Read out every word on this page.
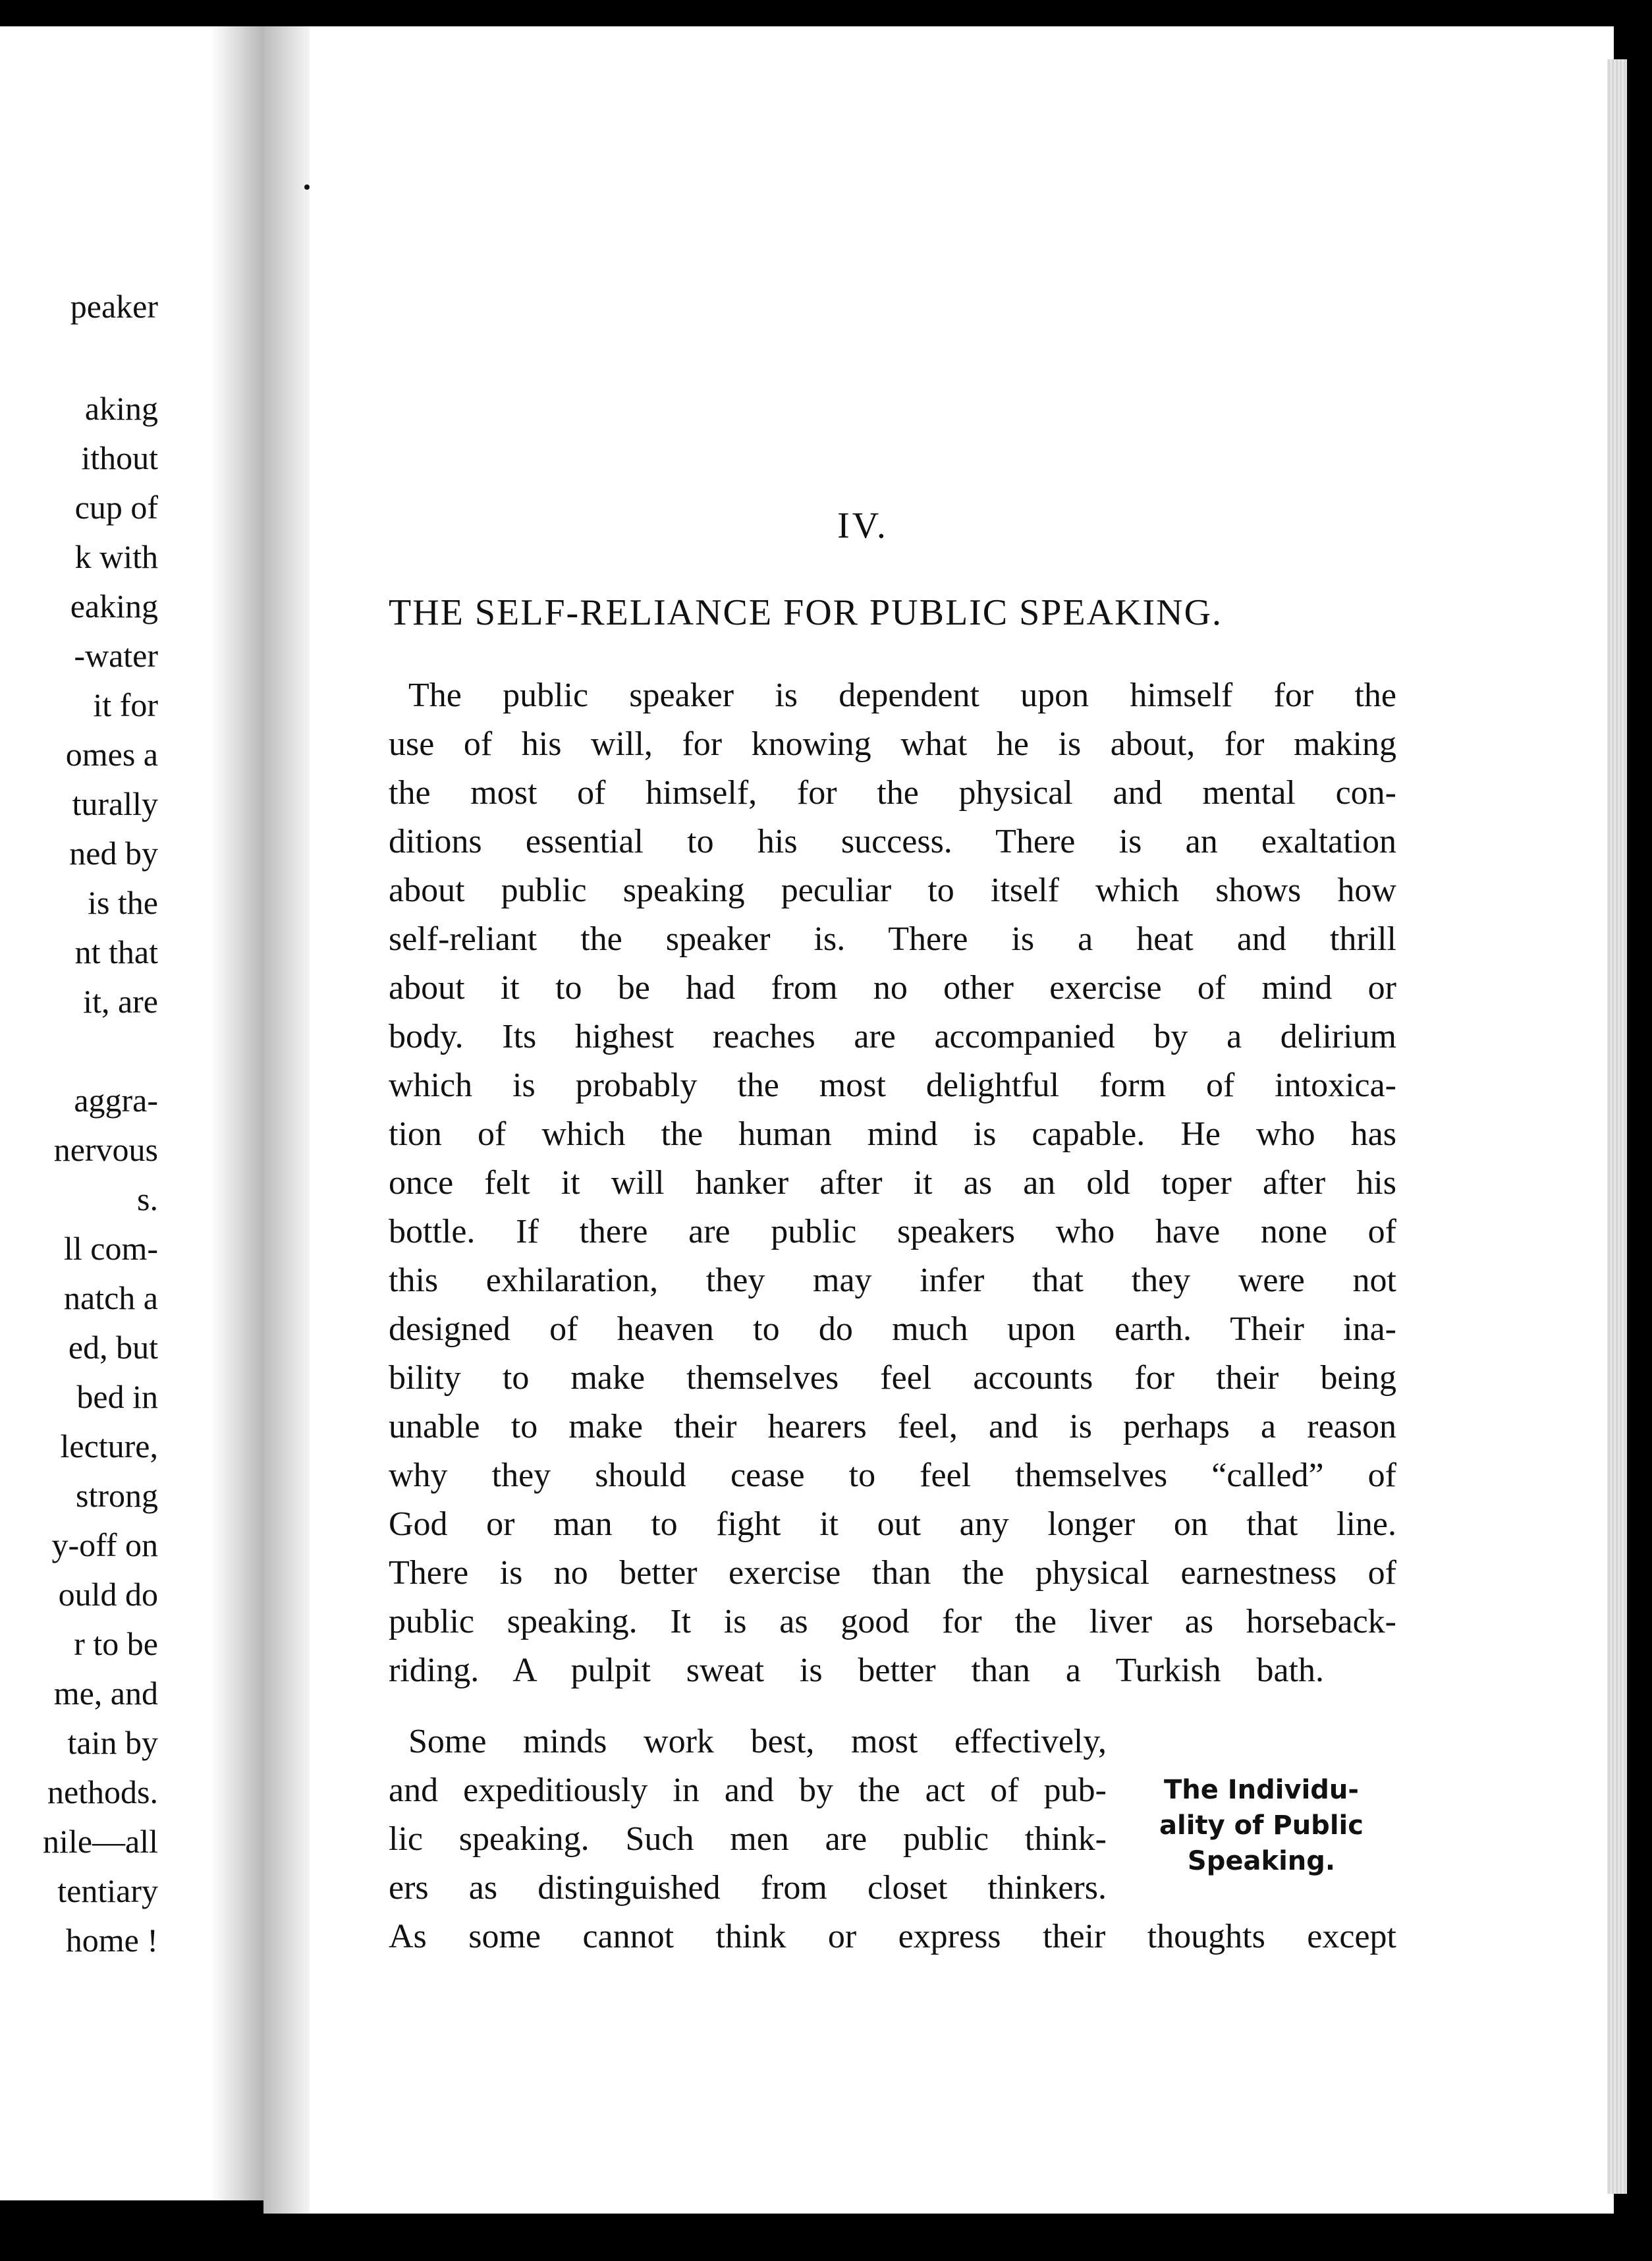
peaker
aking
ithout
cup of
k with
eaking
-water
it for
omes a
turally
ned by
is the
nt that
it, are
aggra-
nervous
s.
ll com-
natch a
ed, but
bed in
lecture,
strong
y-off on
ould do
r to be
me, and
tain by
nethods.
nile—all
tentiary
home !
IV.
THE SELF-RELIANCE FOR PUBLIC SPEAKING.
The public speaker is dependent upon himself for the
use of his will, for knowing what he is about, for making
the most of himself, for the physical and mental con-
ditions essential to his success. There is an exaltation
about public speaking peculiar to itself which shows how
self-reliant the speaker is. There is a heat and thrill
about it to be had from no other exercise of mind or
body. Its highest reaches are accompanied by a delirium
which is probably the most delightful form of intoxica-
tion of which the human mind is capable. He who has
once felt it will hanker after it as an old toper after his
bottle. If there are public speakers who have none of
this exhilaration, they may infer that they were not
designed of heaven to do much upon earth. Their ina-
bility to make themselves feel accounts for their being
unable to make their hearers feel, and is perhaps a reason
why they should cease to feel themselves “called” of
God or man to fight it out any longer on that line.
There is no better exercise than the physical earnestness of
public speaking. It is as good for the liver as horseback-
riding. A pulpit sweat is better than a Turkish bath.
Some minds work best, most effectively,
and expeditiously in and by the act of pub-
lic speaking. Such men are public think-
ers as distinguished from closet thinkers.
As some cannot think or express their thoughts except
The Individu-
ality of Public
Speaking.
